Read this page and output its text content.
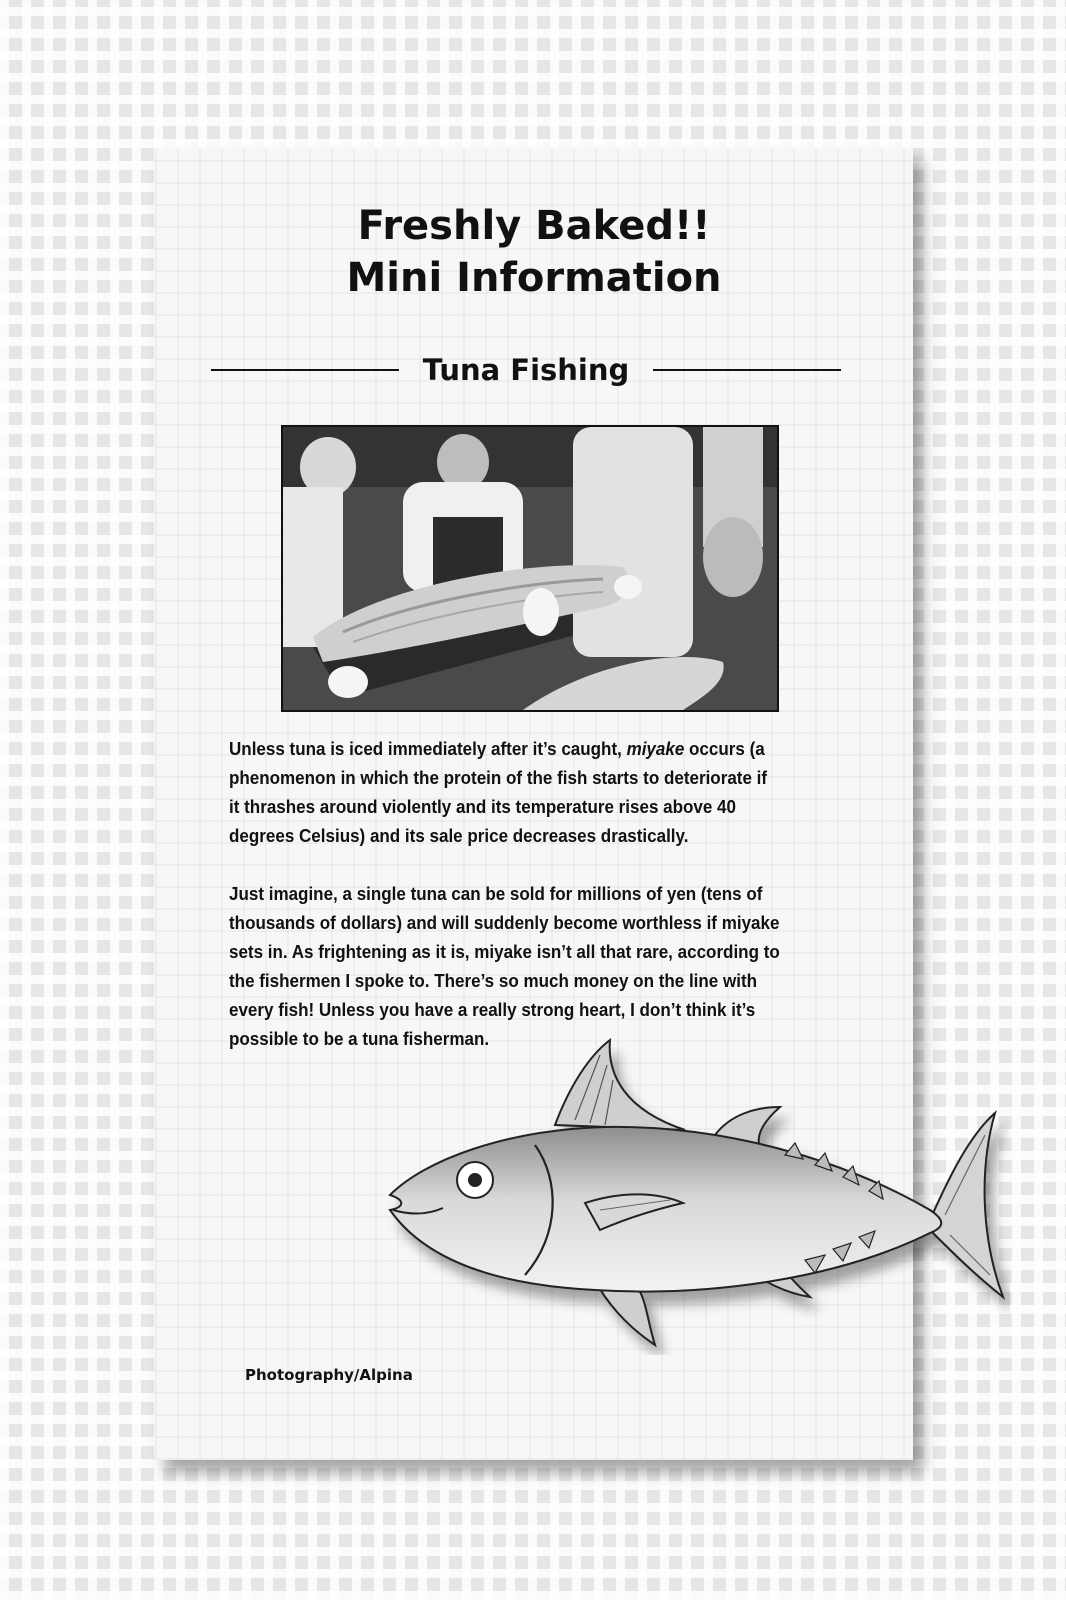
Freshly Baked!!
Mini Information
Tuna Fishing

Unless tuna is iced immediately after it’s caught, miyake occurs (a phenomenon in which the protein of the fish starts to deteriorate if it thrashes around violently and its temperature rises above 40 degrees Celsius) and its sale price decreases drastically.

Just imagine, a single tuna can be sold for millions of yen (tens of thousands of dollars) and will suddenly become worthless if miyake sets in. As frightening as it is, miyake isn’t all that rare, according to the fishermen I spoke to. There’s so much money on the line with every fish! Unless you have a really strong heart, I don’t think it’s possible to be a tuna fisherman.

Photography/Alpina
